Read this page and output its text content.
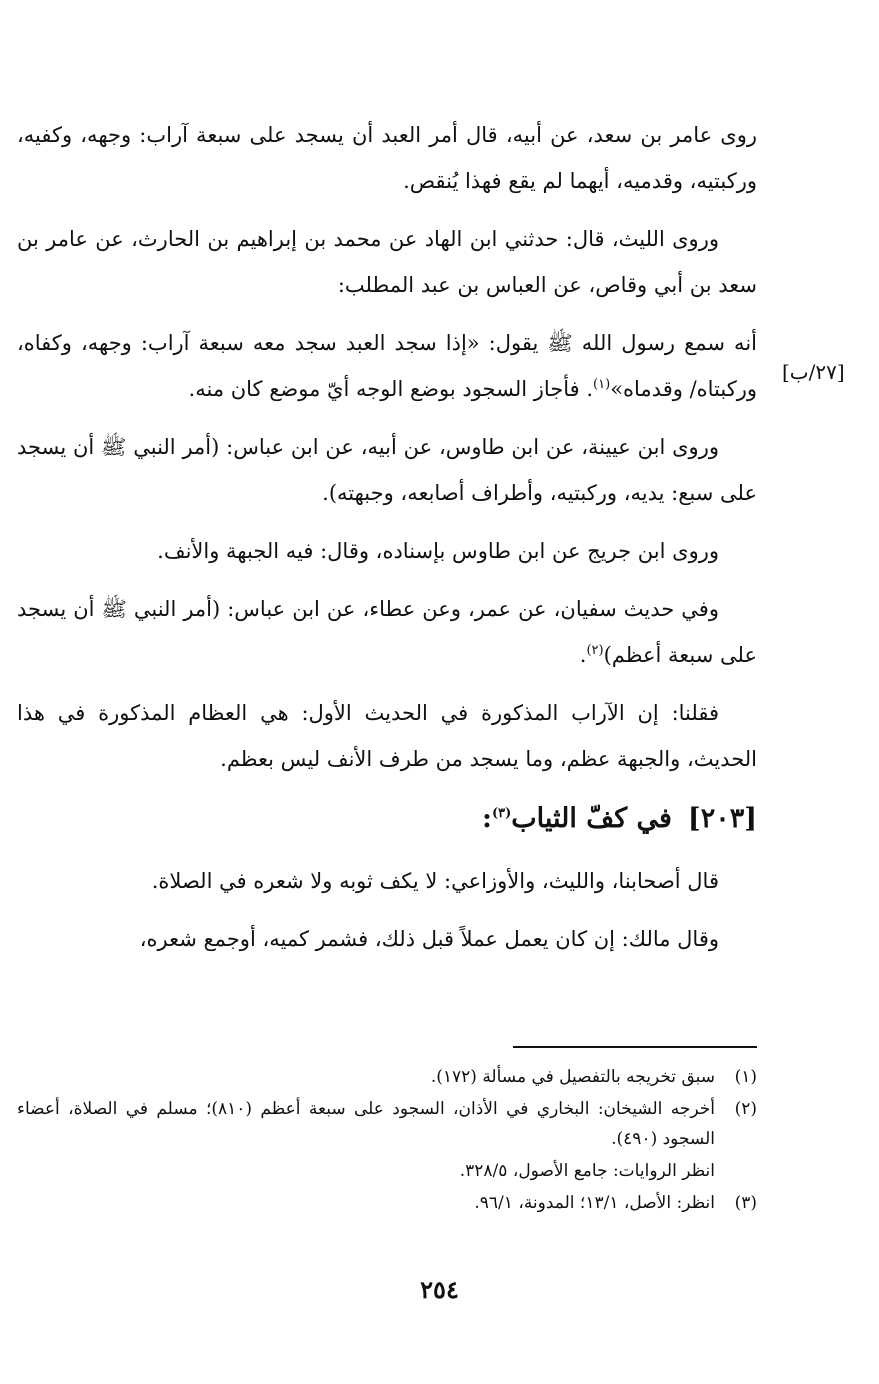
روى عامر بن سعد، عن أبيه، قال أمر العبد أن يسجد على سبعة آراب: وجهه، وكفيه، وركبتيه، وقدميه، أيهما لم يقع فهذا يُنقص.

وروى الليث، قال: حدثني ابن الهاد عن محمد بن إبراهيم بن الحارث، عن عامر بن سعد بن أبي وقاص، عن العباس بن عبد المطلب:

أنه سمع رسول الله ﷺ يقول: «إذا سجد العبد سجد معه سبعة آراب: وجهه، وكفاه، وركبتاه/ وقدماه»$^{(١)}$. فأجاز السجود بوضع الوجه أيّ موضع كان منه.

وروى ابن عيينة، عن ابن طاوس، عن أبيه، عن ابن عباس: (أمر النبي ﷺ أن يسجد على سبع: يديه، وركبتيه، وأطراف أصابعه، وجبهته).

وروى ابن جريج عن ابن طاوس بإسناده، وقال: فيه الجبهة والأنف.

وفي حديث سفيان، عن عمر، وعن عطاء، عن ابن عباس: (أمر النبي ﷺ أن يسجد على سبعة أعظم)$^{(٢)}$.

فقلنا: إن الآراب المذكورة في الحديث الأول: هي العظام المذكورة في هذا الحديث، والجبهة عظم، وما يسجد من طرف الأنف ليس بعظم.

[٢٠٣]في كفّ الثياب$^{(٣)}$:

قال أصحابنا، والليث، والأوزاعي: لا يكف ثوبه ولا شعره في الصلاة.

وقال مالك: إن كان يعمل عملاً قبل ذلك، فشمر كميه، أوجمع شعره،

[٢٧/ب]
(١)
سبق تخريجه بالتفصيل في مسألة (١٧٢).
(٢)
أخرجه الشيخان: البخاري في الأذان، السجود على سبعة أعظم (٨١٠)؛ مسلم في الصلاة، أعضاء السجود (٤٩٠).
انظر الروايات: جامع الأصول، ٣٢٨/٥.
(٣)
انظر: الأصل، ١٣/١؛ المدونة، ٩٦/١.
٢٥٤
